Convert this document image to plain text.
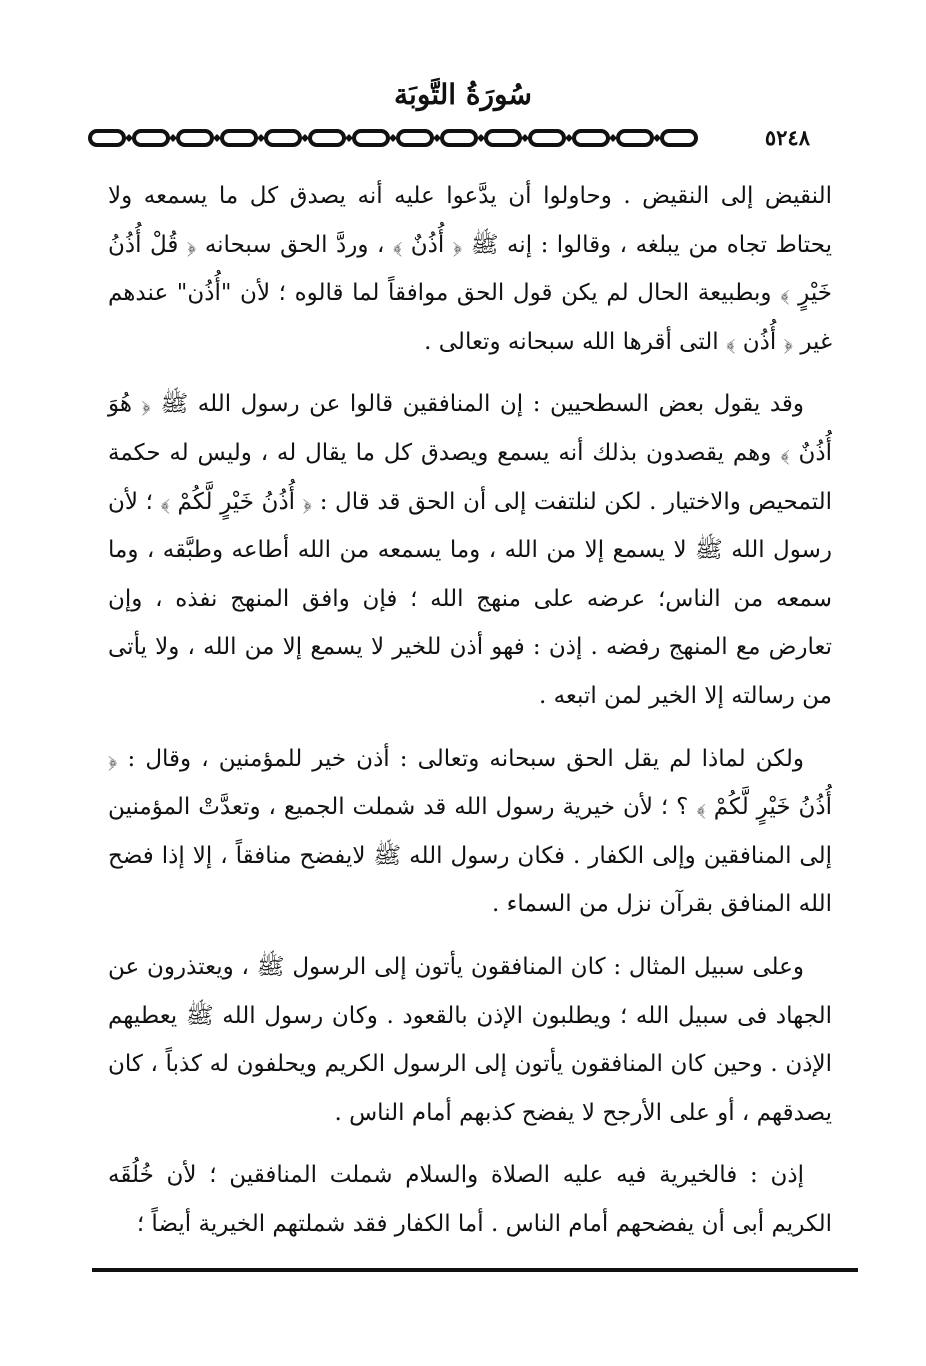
سُورَةُ التَّوبَة
٥٢٤٨

النقيض إلى النقيض . وحاولوا أن يدَّعوا عليه أنه يصدق كل ما يسمعه ولا يحتاط تجاه من يبلغه ، وقالوا : إنه ﷺ ﴿ أُذُنٌ ﴾ ، وردَّ الحق سبحانه ﴿ قُلْ أُذُنُ خَيْرٍ ﴾ وبطبيعة الحال لم يكن قول الحق موافقاً لما قالوه ؛ لأن "أُذُن" عندهم غير ﴿ أُذُن ﴾ التى أقرها الله سبحانه وتعالى .

وقد يقول بعض السطحيين : إن المنافقين قالوا عن رسول الله ﷺ ﴿ هُوَ أُذُنٌ ﴾ وهم يقصدون بذلك أنه يسمع ويصدق كل ما يقال له ، وليس له حكمة التمحيص والاختيار . لكن لنلتفت إلى أن الحق قد قال : ﴿ أُذُنُ خَيْرٍ لَّكُمْ ﴾ ؛ لأن رسول الله ﷺ لا يسمع إلا من الله ، وما يسمعه من الله أطاعه وطبَّقه ، وما سمعه من الناس؛ عرضه على منهج الله ؛ فإن وافق المنهج نفذه ، وإن تعارض مع المنهج رفضه . إذن : فهو أذن للخير لا يسمع إلا من الله ، ولا يأتى من رسالته إلا الخير لمن اتبعه .

ولكن لماذا لم يقل الحق سبحانه وتعالى : أذن خير للمؤمنين ، وقال : ﴿ أُذُنُ خَيْرٍ لَّكُمْ ﴾ ؟ ؛ لأن خيرية رسول الله قد شملت الجميع ، وتعدَّتْ المؤمنين إلى المنافقين وإلى الكفار . فكان رسول الله ﷺ لايفضح منافقاً ، إلا إذا فضح الله المنافق بقرآن نزل من السماء .

وعلى سبيل المثال : كان المنافقون يأتون إلى الرسول ﷺ ، ويعتذرون عن الجهاد فى سبيل الله ؛ ويطلبون الإذن بالقعود . وكان رسول الله ﷺ يعطيهم الإذن . وحين كان المنافقون يأتون إلى الرسول الكريم ويحلفون له كذباً ، كان يصدقهم ، أو على الأرجح لا يفضح كذبهم أمام الناس .

إذن : فالخيرية فيه عليه الصلاة والسلام شملت المنافقين ؛ لأن خُلُقَه الكريم أبى أن يفضحهم أمام الناس . أما الكفار فقد شملتهم الخيرية أيضاً ؛
